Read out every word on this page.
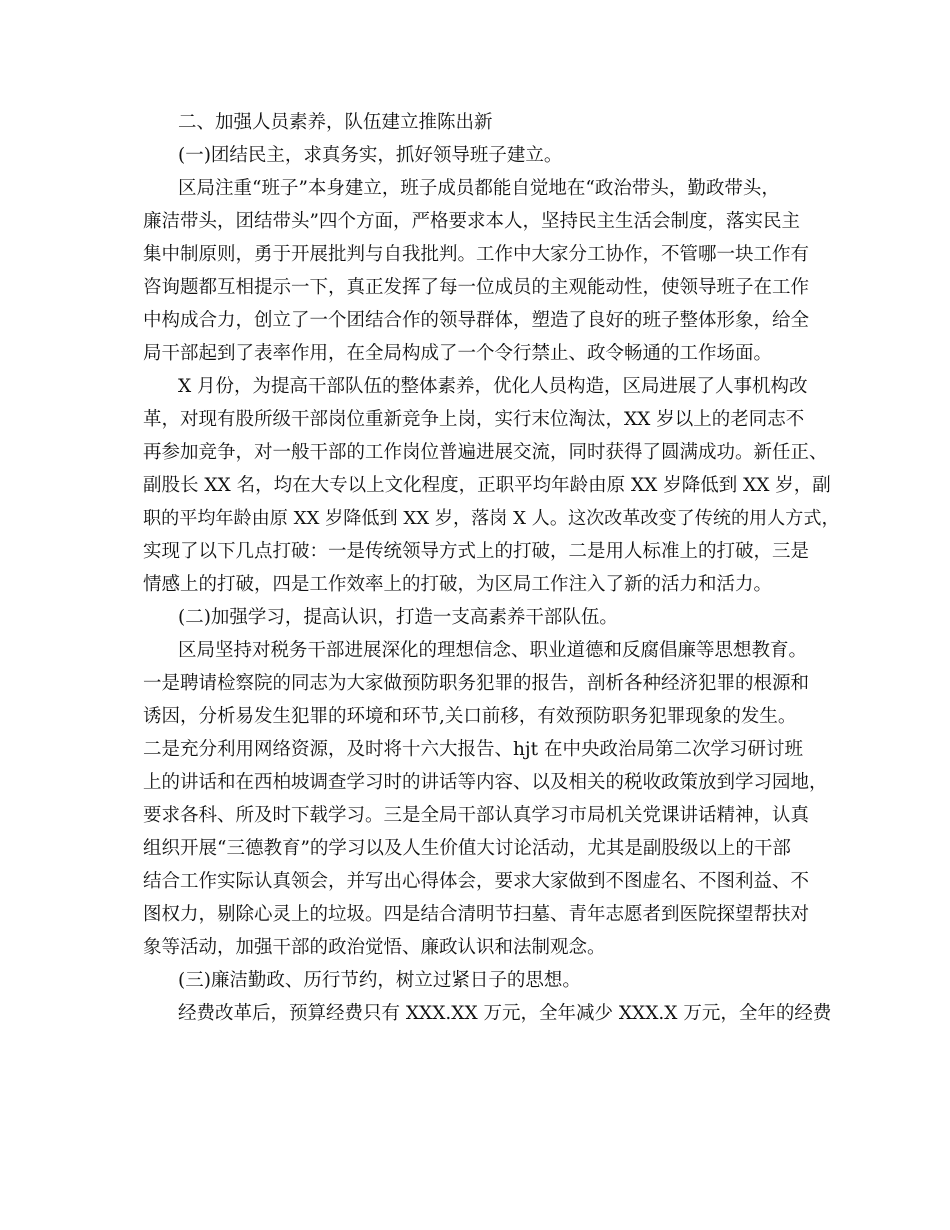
二、加强人员素养，队伍建立推陈出新

(一)团结民主，求真务实，抓好领导班子建立。

区局注重“班子”本身建立，班子成员都能自觉地在“政治带头，勤政带头，

廉洁带头，团结带头”四个方面，严格要求本人，坚持民主生活会制度，落实民主

集中制原则，勇于开展批判与自我批判。工作中大家分工协作，不管哪一块工作有

咨询题都互相提示一下，真正发挥了每一位成员的主观能动性，使领导班子在工作

中构成合力，创立了一个团结合作的领导群体，塑造了良好的班子整体形象，给全

局干部起到了表率作用，在全局构成了一个令行禁止、政令畅通的工作场面。

X 月份，为提高干部队伍的整体素养，优化人员构造，区局进展了人事机构改

革，对现有股所级干部岗位重新竞争上岗，实行末位淘汰，XX 岁以上的老同志不

再参加竞争，对一般干部的工作岗位普遍进展交流，同时获得了圆满成功。新任正、

副股长 XX 名，均在大专以上文化程度，正职平均年龄由原 XX 岁降低到 XX 岁，副

职的平均年龄由原 XX 岁降低到 XX 岁，落岗 X 人。这次改革改变了传统的用人方式，

实现了以下几点打破：一是传统领导方式上的打破，二是用人标准上的打破，三是

情感上的打破，四是工作效率上的打破，为区局工作注入了新的活力和活力。

(二)加强学习，提高认识，打造一支高素养干部队伍。

区局坚持对税务干部进展深化的理想信念、职业道德和反腐倡廉等思想教育。

一是聘请检察院的同志为大家做预防职务犯罪的报告，剖析各种经济犯罪的根源和

诱因，分析易发生犯罪的环境和环节,关口前移，有效预防职务犯罪现象的发生。

二是充分利用网络资源，及时将十六大报告、hjt 在中央政治局第二次学习研讨班

上的讲话和在西柏坡调查学习时的讲话等内容、以及相关的税收政策放到学习园地，

要求各科、所及时下载学习。三是全局干部认真学习市局机关党课讲话精神，认真

组织开展“三德教育”的学习以及人生价值大讨论活动，尤其是副股级以上的干部

结合工作实际认真领会，并写出心得体会，要求大家做到不图虚名、不图利益、不

图权力，剔除心灵上的垃圾。四是结合清明节扫墓、青年志愿者到医院探望帮扶对

象等活动，加强干部的政治觉悟、廉政认识和法制观念。

(三)廉洁勤政、历行节约，树立过紧日子的思想。

经费改革后，预算经费只有 XXX.XX 万元，全年减少 XXX.X 万元，全年的经费
